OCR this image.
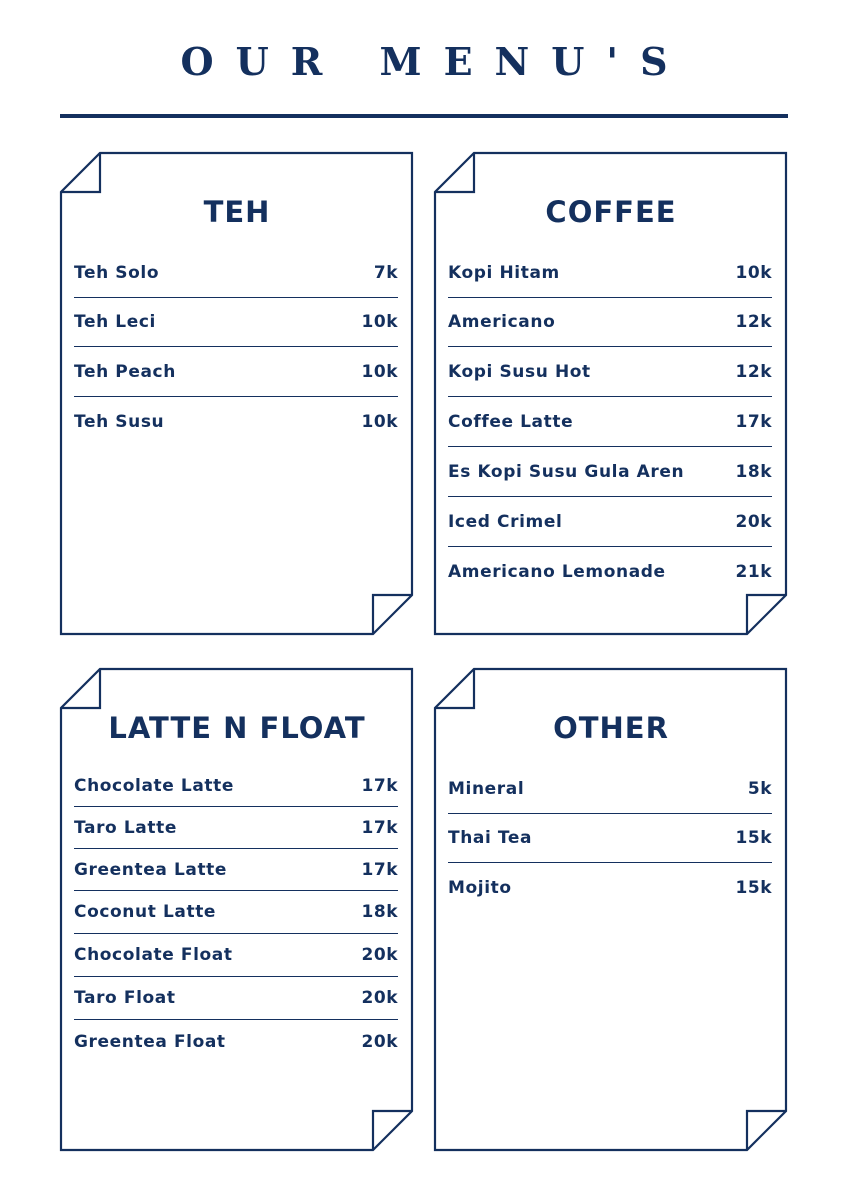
OUR MENU'S
TEH
Teh Solo	7k
Teh Leci	10k
Teh Peach	10k
Teh Susu	10k
COFFEE
Kopi Hitam	10k
Americano	12k
Kopi Susu Hot	12k
Coffee Latte	17k
Es Kopi Susu Gula Aren	18k
Iced Crimel	20k
Americano Lemonade	21k
LATTE N FLOAT
Chocolate Latte	17k
Taro Latte	17k
Greentea Latte	17k
Coconut Latte	18k
Chocolate Float	20k
Taro Float	20k
Greentea Float	20k
OTHER
Mineral	5k
Thai Tea	15k
Mojito	15k
